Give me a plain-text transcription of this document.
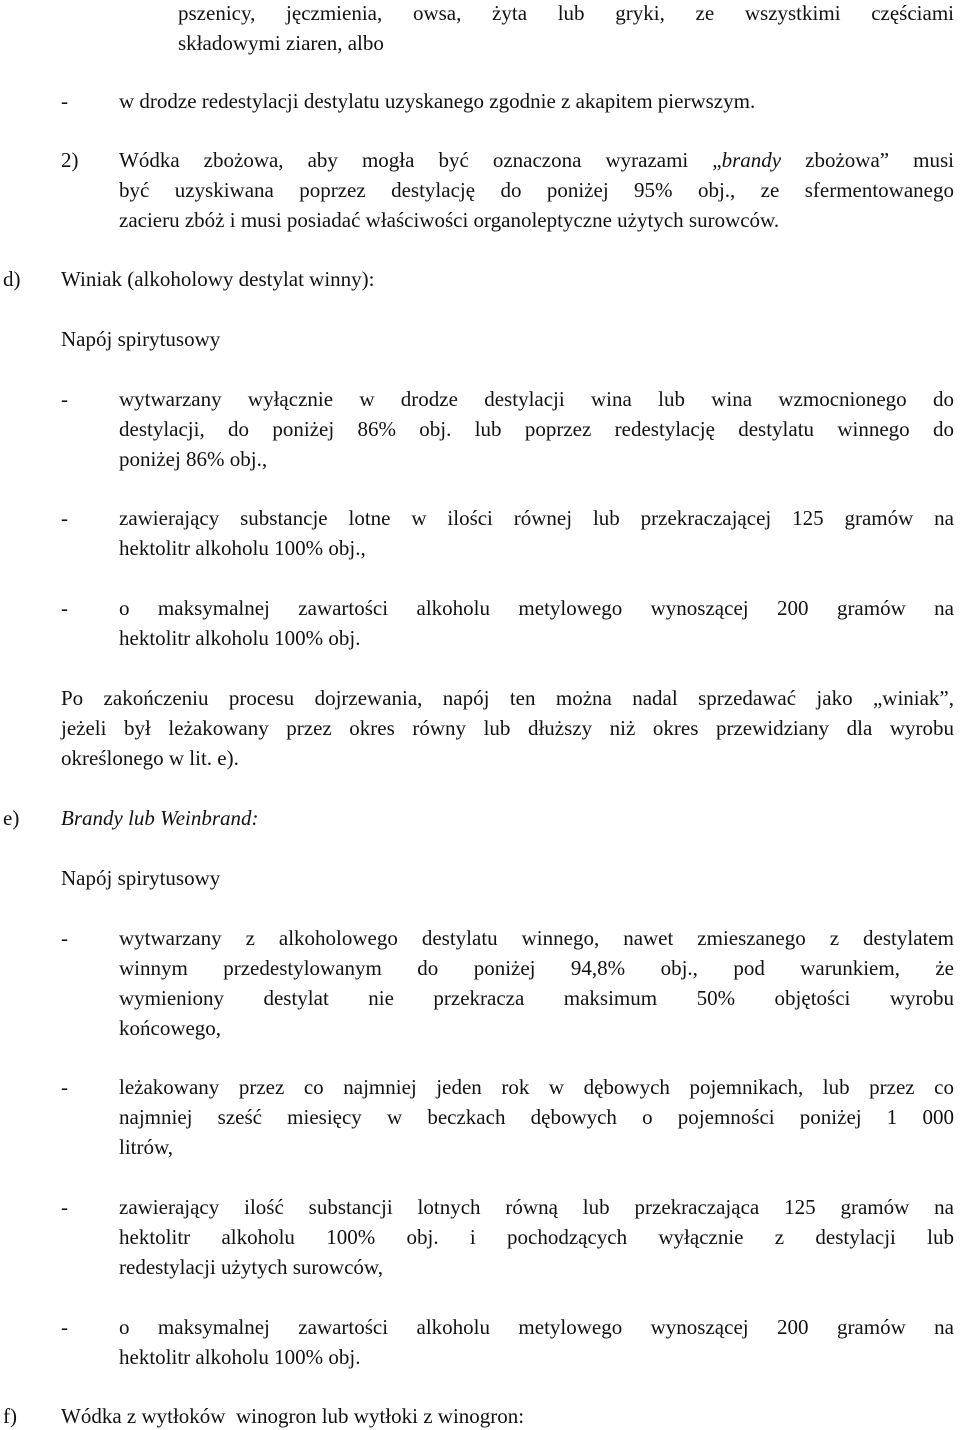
pszenicy, jęczmienia, owsa, żyta lub gryki, ze wszystkimi częściami
składowymi ziaren, albo
- w drodze redestylacji destylatu uzyskanego zgodnie z akapitem pierwszym.
2) Wódka zbożowa, aby mogła być oznaczona wyrazami „brandy zbożowa” musi
być uzyskiwana poprzez destylację do poniżej 95% obj., ze sfermentowanego
zacieru zbóż i musi posiadać właściwości organoleptyczne użytych surowców.
d) Winiak (alkoholowy destylat winny):
Napój spirytusowy
- wytwarzany wyłącznie w drodze destylacji wina lub wina wzmocnionego do
destylacji, do poniżej 86% obj. lub poprzez redestylację destylatu winnego do
poniżej 86% obj.,
- zawierający substancje lotne w ilości równej lub przekraczającej 125 gramów na
hektolitr alkoholu 100% obj.,
- o maksymalnej zawartości alkoholu metylowego wynoszącej 200 gramów na
hektolitr alkoholu 100% obj.
Po zakończeniu procesu dojrzewania, napój ten można nadal sprzedawać jako „winiak”,
jeżeli był leżakowany przez okres równy lub dłuższy niż okres przewidziany dla wyrobu
określonego w lit. e).
e) Brandy lub Weinbrand:
Napój spirytusowy
- wytwarzany z alkoholowego destylatu winnego, nawet zmieszanego z destylatem
winnym przedestylowanym do poniżej 94,8% obj., pod warunkiem, że
wymieniony destylat nie przekracza maksimum 50% objętości wyrobu
końcowego,
- leżakowany przez co najmniej jeden rok w dębowych pojemnikach, lub przez co
najmniej sześć miesięcy w beczkach dębowych o pojemności poniżej 1 000
litrów,
- zawierający ilość substancji lotnych równą lub przekraczająca 125 gramów na
hektolitr alkoholu 100% obj. i pochodzących wyłącznie z destylacji lub
redestylacji użytych surowców,
- o maksymalnej zawartości alkoholu metylowego wynoszącej 200 gramów na
hektolitr alkoholu 100% obj.
f) Wódka z wytłoków  winogron lub wytłoki z winogron:
